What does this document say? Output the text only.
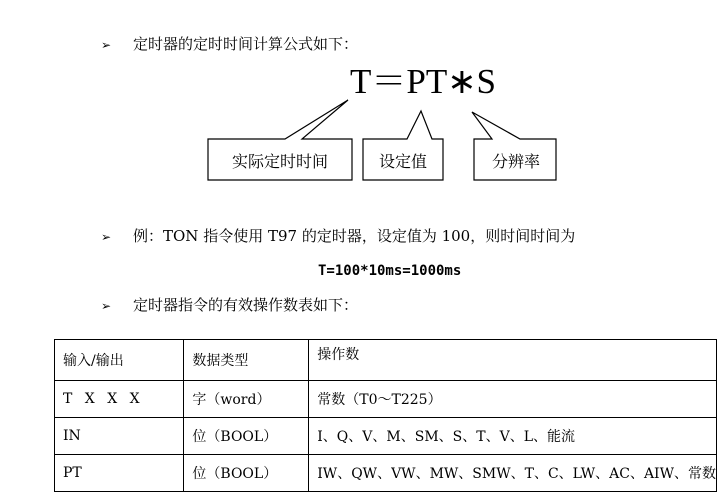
➢ 定时器的定时时间计算公式如下：
T＝PT∗S
实际定时时间	设定值	分辨率
➢ 例：TON 指令使用 T97 的定时器，设定值为 100，则时间时间为
T=100*10ms=1000ms
➢ 定时器指令的有效操作数表如下：
输入/输出	数据类型	操作数
T X X X	字（word）	常数（T0～T225）
IN	位（BOOL）	I、Q、V、M、SM、S、T、V、L、能流
PT	位（BOOL）	IW、QW、VW、MW、SMW、T、C、LW、AC、AIW、常数
